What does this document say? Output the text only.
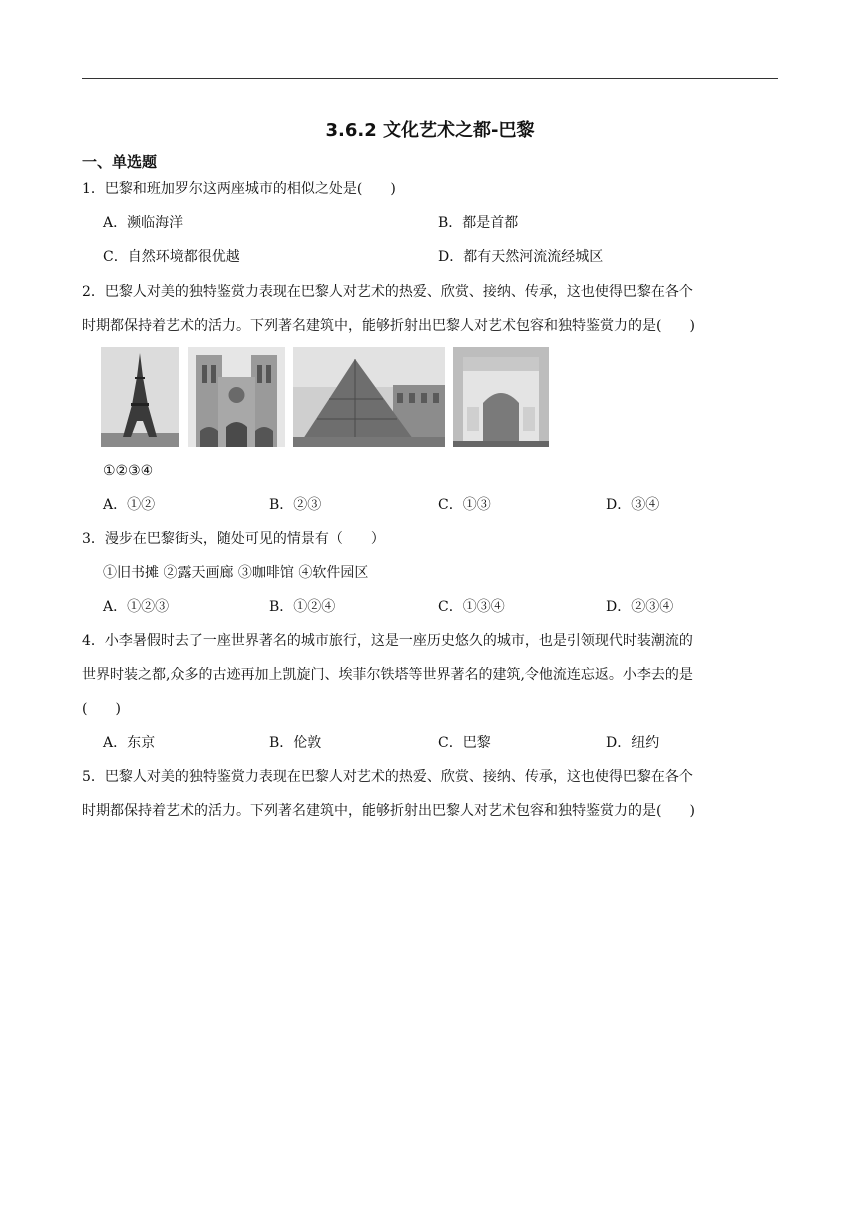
3.6.2 文化艺术之都-巴黎
一、单选题
1．巴黎和班加罗尔这两座城市的相似之处是(　　)
A．濒临海洋	B．都是首都
C．自然环境都很优越	D．都有天然河流流经城区
2．巴黎人对美的独特鉴赏力表现在巴黎人对艺术的热爱、欣赏、接纳、传承，这也使得巴黎在各个
时期都保持着艺术的活力。下列著名建筑中，能够折射出巴黎人对艺术包容和独特鉴赏力的是(　　)
①②③④
A．①②	B．②③	C．①③	D．③④
3．漫步在巴黎街头，随处可见的情景有（　　）
①旧书摊 ②露天画廊 ③咖啡馆 ④软件园区
A．①②③	B．①②④	C．①③④	D．②③④
4．小李暑假时去了一座世界著名的城市旅行，这是一座历史悠久的城市，也是引领现代时装潮流的
世界时装之都,众多的古迹再加上凯旋门、埃菲尔铁塔等世界著名的建筑,令他流连忘返。小李去的是
(　　)
A．东京	B．伦敦	C．巴黎	D．纽约
5．巴黎人对美的独特鉴赏力表现在巴黎人对艺术的热爱、欣赏、接纳、传承，这也使得巴黎在各个
时期都保持着艺术的活力。下列著名建筑中，能够折射出巴黎人对艺术包容和独特鉴赏力的是(　　)
